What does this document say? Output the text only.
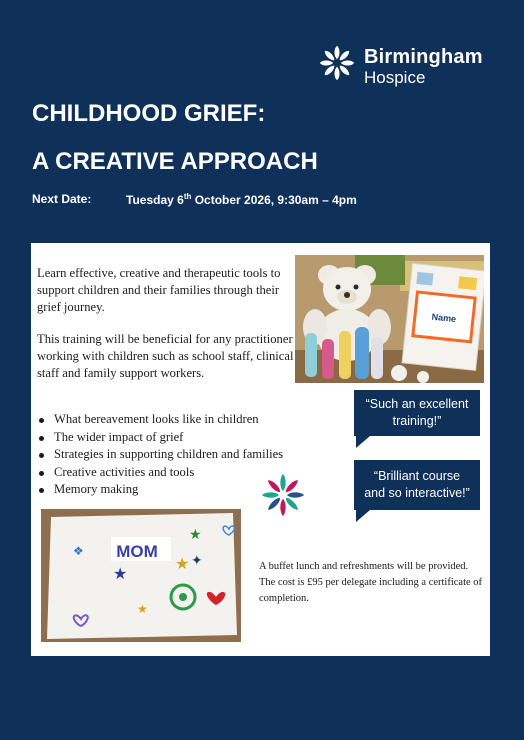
Birmingham
Hospice
CHILDHOOD GRIEF:
A CREATIVE APPROACH
Next Date:	Tuesday 6th October 2026, 9:30am – 4pm

Learn effective, creative and therapeutic tools to support children and their families through their grief journey.

This training will be beneficial for any practitioner working with children such as school staff, clinical staff and family support workers.

What bereavement looks like in children
The wider impact of grief
Strategies in supporting children and families
Creative activities and tools
Memory making
Name
MOM
★
★
★
❖
✦
★
“Such an excellent training!”
“Brilliant course and so interactive!”

A buffet lunch and refreshments will be provided. The cost is £95 per delegate including a certificate of completion.
